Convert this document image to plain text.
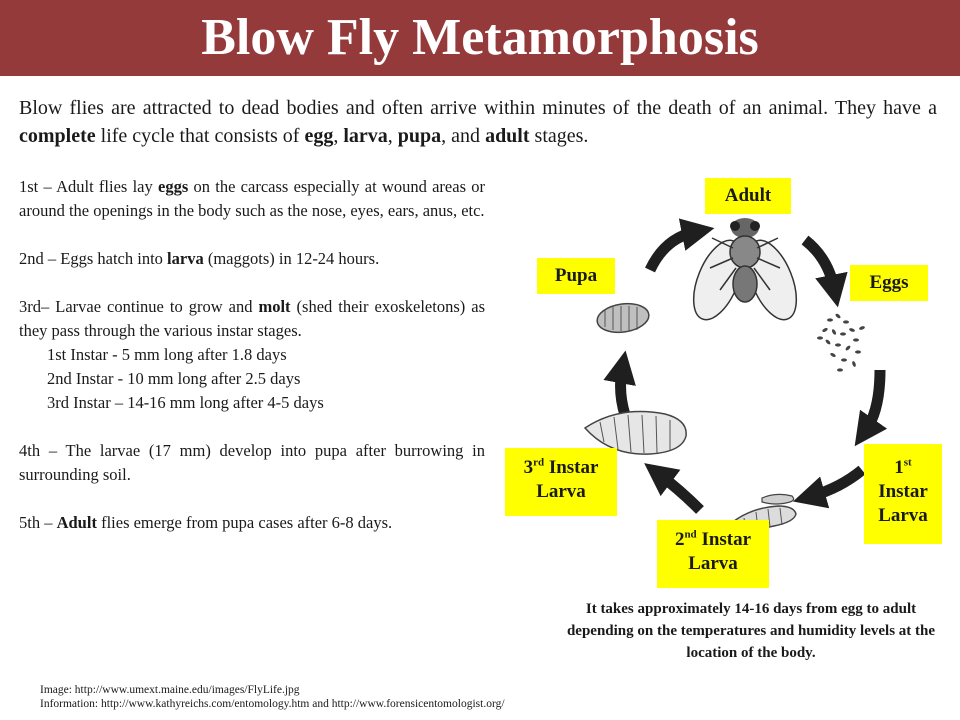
Blow Fly Metamorphosis

Blow flies are attracted to dead bodies and often arrive within minutes of the death of an animal. They have a complete life cycle that consists of egg, larva, pupa, and adult stages.

1st – Adult flies lay eggs on the carcass especially at wound areas or around the openings in the body such as the nose, eyes, ears, anus, etc.

2nd – Eggs hatch into larva (maggots) in 12-24 hours.

3rd– Larvae continue to grow and molt (shed their exoskeletons) as they pass through the various instar stages.

1st Instar - 5 mm long after 1.8 days

2nd Instar - 10 mm long after 2.5 days

3rd Instar – 14-16 mm long after 4-5 days

4th – The larvae (17 mm) develop into pupa after burrowing in surrounding soil.

5th – Adult flies emerge from pupa cases after 6-8 days.

Adult
Eggs
Pupa
1st
Instar
Larva
2nd Instar
Larva
3rd Instar
Larva

It takes approximately 14-16 days from egg to adult depending on the temperatures and humidity levels at the location of the body.

Image: http://www.umext.maine.edu/images/FlyLife.jpg
Information: http://www.kathyreichs.com/entomology.htm and http://www.forensicentomologist.org/
